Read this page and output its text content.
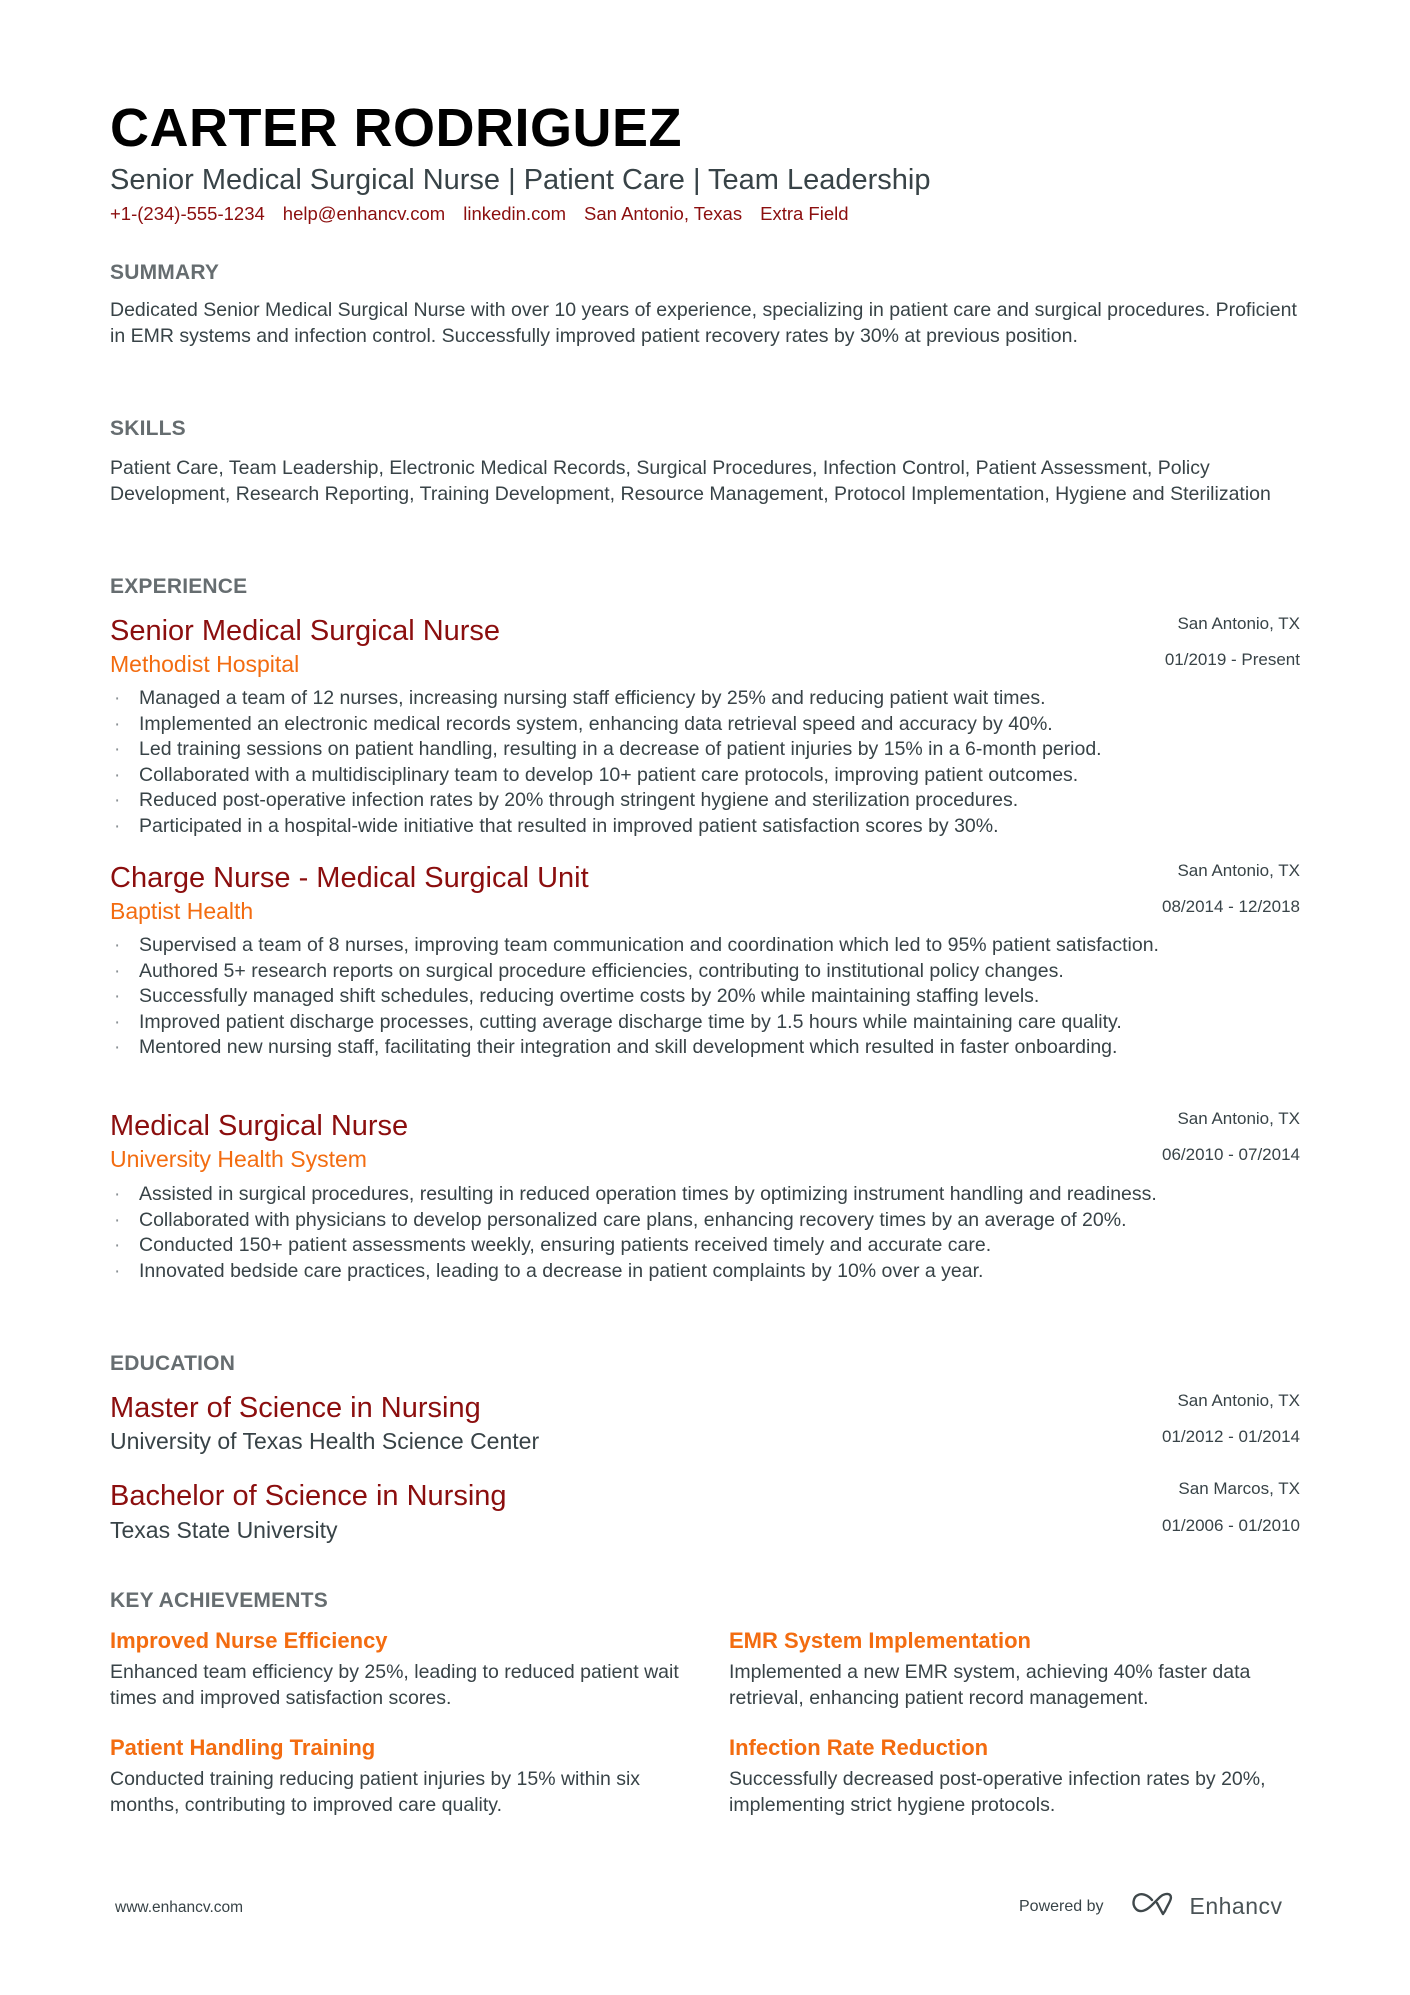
CARTER RODRIGUEZ
Senior Medical Surgical Nurse | Patient Care | Team Leadership
+1-(234)-555-1234 help@enhancv.com linkedin.com San Antonio, Texas Extra Field
SUMMARY
Dedicated Senior Medical Surgical Nurse with over 10 years of experience, specializing in patient care and surgical procedures. Proficient in EMR systems and infection control. Successfully improved patient recovery rates by 30% at previous position.
SKILLS
Patient Care, Team Leadership, Electronic Medical Records, Surgical Procedures, Infection Control, Patient Assessment, Policy Development, Research Reporting, Training Development, Resource Management, Protocol Implementation, Hygiene and Sterilization
EXPERIENCE
Senior Medical Surgical Nurse
Methodist Hospital
San Antonio, TX
01/2019 - Present
· Managed a team of 12 nurses, increasing nursing staff efficiency by 25% and reducing patient wait times.
· Implemented an electronic medical records system, enhancing data retrieval speed and accuracy by 40%.
· Led training sessions on patient handling, resulting in a decrease of patient injuries by 15% in a 6-month period.
· Collaborated with a multidisciplinary team to develop 10+ patient care protocols, improving patient outcomes.
· Reduced post-operative infection rates by 20% through stringent hygiene and sterilization procedures.
· Participated in a hospital-wide initiative that resulted in improved patient satisfaction scores by 30%.
Charge Nurse - Medical Surgical Unit
Baptist Health
San Antonio, TX
08/2014 - 12/2018
· Supervised a team of 8 nurses, improving team communication and coordination which led to 95% patient satisfaction.
· Authored 5+ research reports on surgical procedure efficiencies, contributing to institutional policy changes.
· Successfully managed shift schedules, reducing overtime costs by 20% while maintaining staffing levels.
· Improved patient discharge processes, cutting average discharge time by 1.5 hours while maintaining care quality.
· Mentored new nursing staff, facilitating their integration and skill development which resulted in faster onboarding.
Medical Surgical Nurse
University Health System
San Antonio, TX
06/2010 - 07/2014
· Assisted in surgical procedures, resulting in reduced operation times by optimizing instrument handling and readiness.
· Collaborated with physicians to develop personalized care plans, enhancing recovery times by an average of 20%.
· Conducted 150+ patient assessments weekly, ensuring patients received timely and accurate care.
· Innovated bedside care practices, leading to a decrease in patient complaints by 10% over a year.
EDUCATION
Master of Science in Nursing
University of Texas Health Science Center
San Antonio, TX
01/2012 - 01/2014
Bachelor of Science in Nursing
Texas State University
San Marcos, TX
01/2006 - 01/2010
KEY ACHIEVEMENTS
Improved Nurse Efficiency
Enhanced team efficiency by 25%, leading to reduced patient wait times and improved satisfaction scores.
EMR System Implementation
Implemented a new EMR system, achieving 40% faster data retrieval, enhancing patient record management.
Patient Handling Training
Conducted training reducing patient injuries by 15% within six months, contributing to improved care quality.
Infection Rate Reduction
Successfully decreased post-operative infection rates by 20%, implementing strict hygiene protocols.
www.enhancv.com	Powered by	Enhancv
